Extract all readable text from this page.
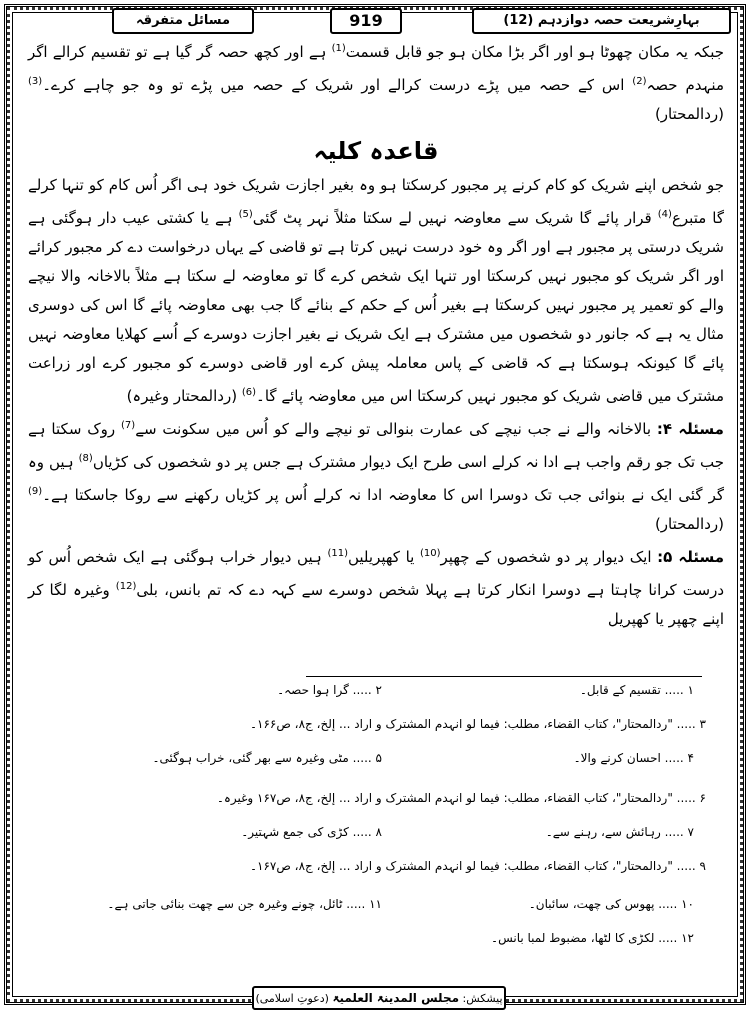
بہارِشریعت حصہ دوازدہم (12)
919
مسائل متفرقہ

جبکہ یہ مکان چھوٹا ہو اور اگر بڑا مکان ہو جو قابل قسمت$^{(1)}$ ہے اور کچھ حصہ گر گیا ہے تو تقسیم کرالے اگر منہدم حصہ$^{(2)}$ اس کے حصہ میں پڑے درست کرالے اور شریک کے حصہ میں پڑے تو وہ جو چاہے کرے۔$^{(3)}$ (ردالمحتار)

قاعدہ کلیہ

جو شخص اپنے شریک کو کام کرنے پر مجبور کرسکتا ہو وہ بغیر اجازت شریک خود ہی اگر اُس کام کو تنہا کرلے گا متبرع$^{(4)}$ قرار پائے گا شریک سے معاوضہ نہیں لے سکتا مثلاً نہر پٹ گئی$^{(5)}$ ہے یا کشتی عیب دار ہوگئی ہے شریک درستی پر مجبور ہے اور اگر وہ خود درست نہیں کرتا ہے تو قاضی کے یہاں درخواست دے کر مجبور کرائے اور اگر شریک کو مجبور نہیں کرسکتا اور تنہا ایک شخص کرے گا تو معاوضہ لے سکتا ہے مثلاً بالاخانہ والا نیچے والے کو تعمیر پر مجبور نہیں کرسکتا ہے بغیر اُس کے حکم کے بنائے گا جب بھی معاوضہ پائے گا اس کی دوسری مثال یہ ہے کہ جانور دو شخصوں میں مشترک ہے ایک شریک نے بغیر اجازت دوسرے کے اُسے کھلایا معاوضہ نہیں پائے گا کیونکہ ہوسکتا ہے کہ قاضی کے پاس معاملہ پیش کرے اور قاضی دوسرے کو مجبور کرے اور زراعت مشترک میں قاضی شریک کو مجبور نہیں کرسکتا اس میں معاوضہ پائے گا۔$^{(6)}$ (ردالمحتار وغیرہ)

مسئلہ ۴: بالاخانہ والے نے جب نیچے کی عمارت بنوالی تو نیچے والے کو اُس میں سکونت سے$^{(7)}$ روک سکتا ہے جب تک جو رقم واجب ہے ادا نہ کرلے اسی طرح ایک دیوار مشترک ہے جس پر دو شخصوں کی کڑیاں$^{(8)}$ ہیں وہ گر گئی ایک نے بنوائی جب تک دوسرا اس کا معاوضہ ادا نہ کرلے اُس پر کڑیاں رکھنے سے روکا جاسکتا ہے۔$^{(9)}$ (ردالمحتار)

مسئلہ ۵: ایک دیوار پر دو شخصوں کے چھپر$^{(10)}$ یا کھپریلیں$^{(11)}$ ہیں دیوار خراب ہوگئی ہے ایک شخص اُس کو درست کرانا چاہتا ہے دوسرا انکار کرتا ہے پہلا شخص دوسرے سے کہہ دے کہ تم بانس، بلی$^{(12)}$ وغیرہ لگا کر اپنے چھپر یا کھپریل

۱ ..... تقسیم کے قابل۔
۲ ..... گرا ہوا حصہ۔
۳ ..... "ردالمحتار"، کتاب القضاء، مطلب: فیما لو انہدم المشترک و اراد ... إلخ، ج۸، ص۱۶۶۔
۴ ..... احسان کرنے والا۔
۵ ..... مٹی وغیرہ سے بھر گئی، خراب ہوگئی۔
۶ ..... "ردالمحتار"، کتاب القضاء، مطلب: فیما لو انہدم المشترک و اراد ... إلخ، ج۸، ص۱۶۷ وغیرہ۔
۷ ..... رہائش سے، رہنے سے۔
۸ ..... کڑی کی جمع شہتیر۔
۹ ..... "ردالمحتار"، کتاب القضاء، مطلب: فیما لو انہدم المشترک و اراد ... إلخ، ج۸، ص۱۶۷۔
۱۰ ..... پھوس کی چھت، سائبان۔
۱۱ ..... ٹائل، چونے وغیرہ جن سے چھت بنائی جاتی ہے۔
۱۲ ..... لکڑی کا لٹھا، مضبوط لمبا بانس۔
پیشکش: مجلس المدینۃ العلمیۃ (دعوتِ اسلامی)
